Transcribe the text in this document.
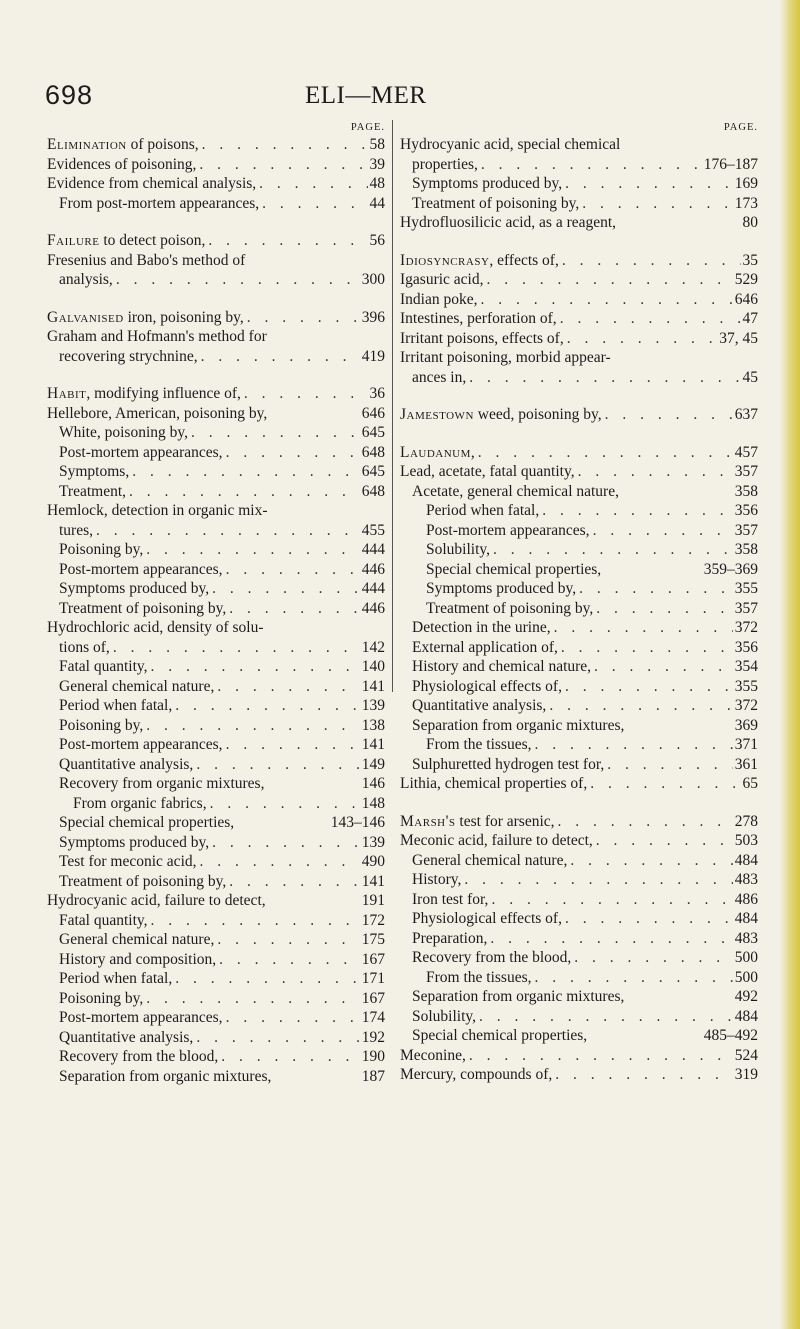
698	ELI—MER
PAGE.
Elimination of poisons, . . .	58
Evidences of poisoning, . . .	39
Evidence from chemical analysis, . . .	48
From post-mortem appearances, . . .	44
Failure to detect poison, . . .	56
Fresenius and Babo's method of
analysis, . . .	300
Galvanised iron, poisoning by, . . .	396
Graham and Hofmann's method for
recovering strychnine, . . .	419
Habit, modifying influence of, . . .	36
Hellebore, American, poisoning by,	646
White, poisoning by, . . .	645
Post-mortem appearances, . . .	648
Symptoms, . . .	645
Treatment, . . .	648
Hemlock, detection in organic mix-
tures, . . .	455
Poisoning by, . . .	444
Post-mortem appearances, . . .	446
Symptoms produced by, . . .	444
Treatment of poisoning by, . . .	446
Hydrochloric acid, density of solu-
tions of, . . .	142
Fatal quantity, . . .	140
General chemical nature, . . .	141
Period when fatal, . . .	139
Poisoning by, . . .	138
Post-mortem appearances, . . .	141
Quantitative analysis, . . .	149
Recovery from organic mixtures,	146
From organic fabrics, . . .	148
Special chemical properties,	143–146
Symptoms produced by, . . .	139
Test for meconic acid, . . .	490
Treatment of poisoning by, . . .	141
Hydrocyanic acid, failure to detect,	191
Fatal quantity, . . .	172
General chemical nature, . . .	175
History and composition, . . .	167
Period when fatal, . . .	171
Poisoning by, . . .	167
Post-mortem appearances, . . .	174
Quantitative analysis, . . .	192
Recovery from the blood, . . .	190
Separation from organic mixtures,	187
PAGE.
Hydrocyanic acid, special chemical
properties, . . .	176–187
Symptoms produced by, . . .	169
Treatment of poisoning by, . . .	173
Hydrofluosilicic acid, as a reagent,	80
Idiosyncrasy, effects of, . . .	35
Igasuric acid, . . .	529
Indian poke, . . .	646
Intestines, perforation of, . . .	47
Irritant poisons, effects of, . . .	37, 45
Irritant poisoning, morbid appear-
ances in, . . .	45
Jamestown weed, poisoning by, . . .	637
Laudanum, . . .	457
Lead, acetate, fatal quantity, . . .	357
Acetate, general chemical nature,	358
Period when fatal, . . .	356
Post-mortem appearances, . . .	357
Solubility, . . .	358
Special chemical properties,	359–369
Symptoms produced by, . . .	355
Treatment of poisoning by, . . .	357
Detection in the urine, . . .	372
External application of, . . .	356
History and chemical nature, . . .	354
Physiological effects of, . . .	355
Quantitative analysis, . . .	372
Separation from organic mixtures,	369
From the tissues, . . .	371
Sulphuretted hydrogen test for, . . .	361
Lithia, chemical properties of, . . .	65
Marsh's test for arsenic, . . .	278
Meconic acid, failure to detect, . . .	503
General chemical nature, . . .	484
History, . . .	483
Iron test for, . . .	486
Physiological effects of, . . .	484
Preparation, . . .	483
Recovery from the blood, . . .	500
From the tissues, . . .	500
Separation from organic mixtures,	492
Solubility, . . .	484
Special chemical properties,	485–492
Meconine, . . .	524
Mercury, compounds of, . . .	319
